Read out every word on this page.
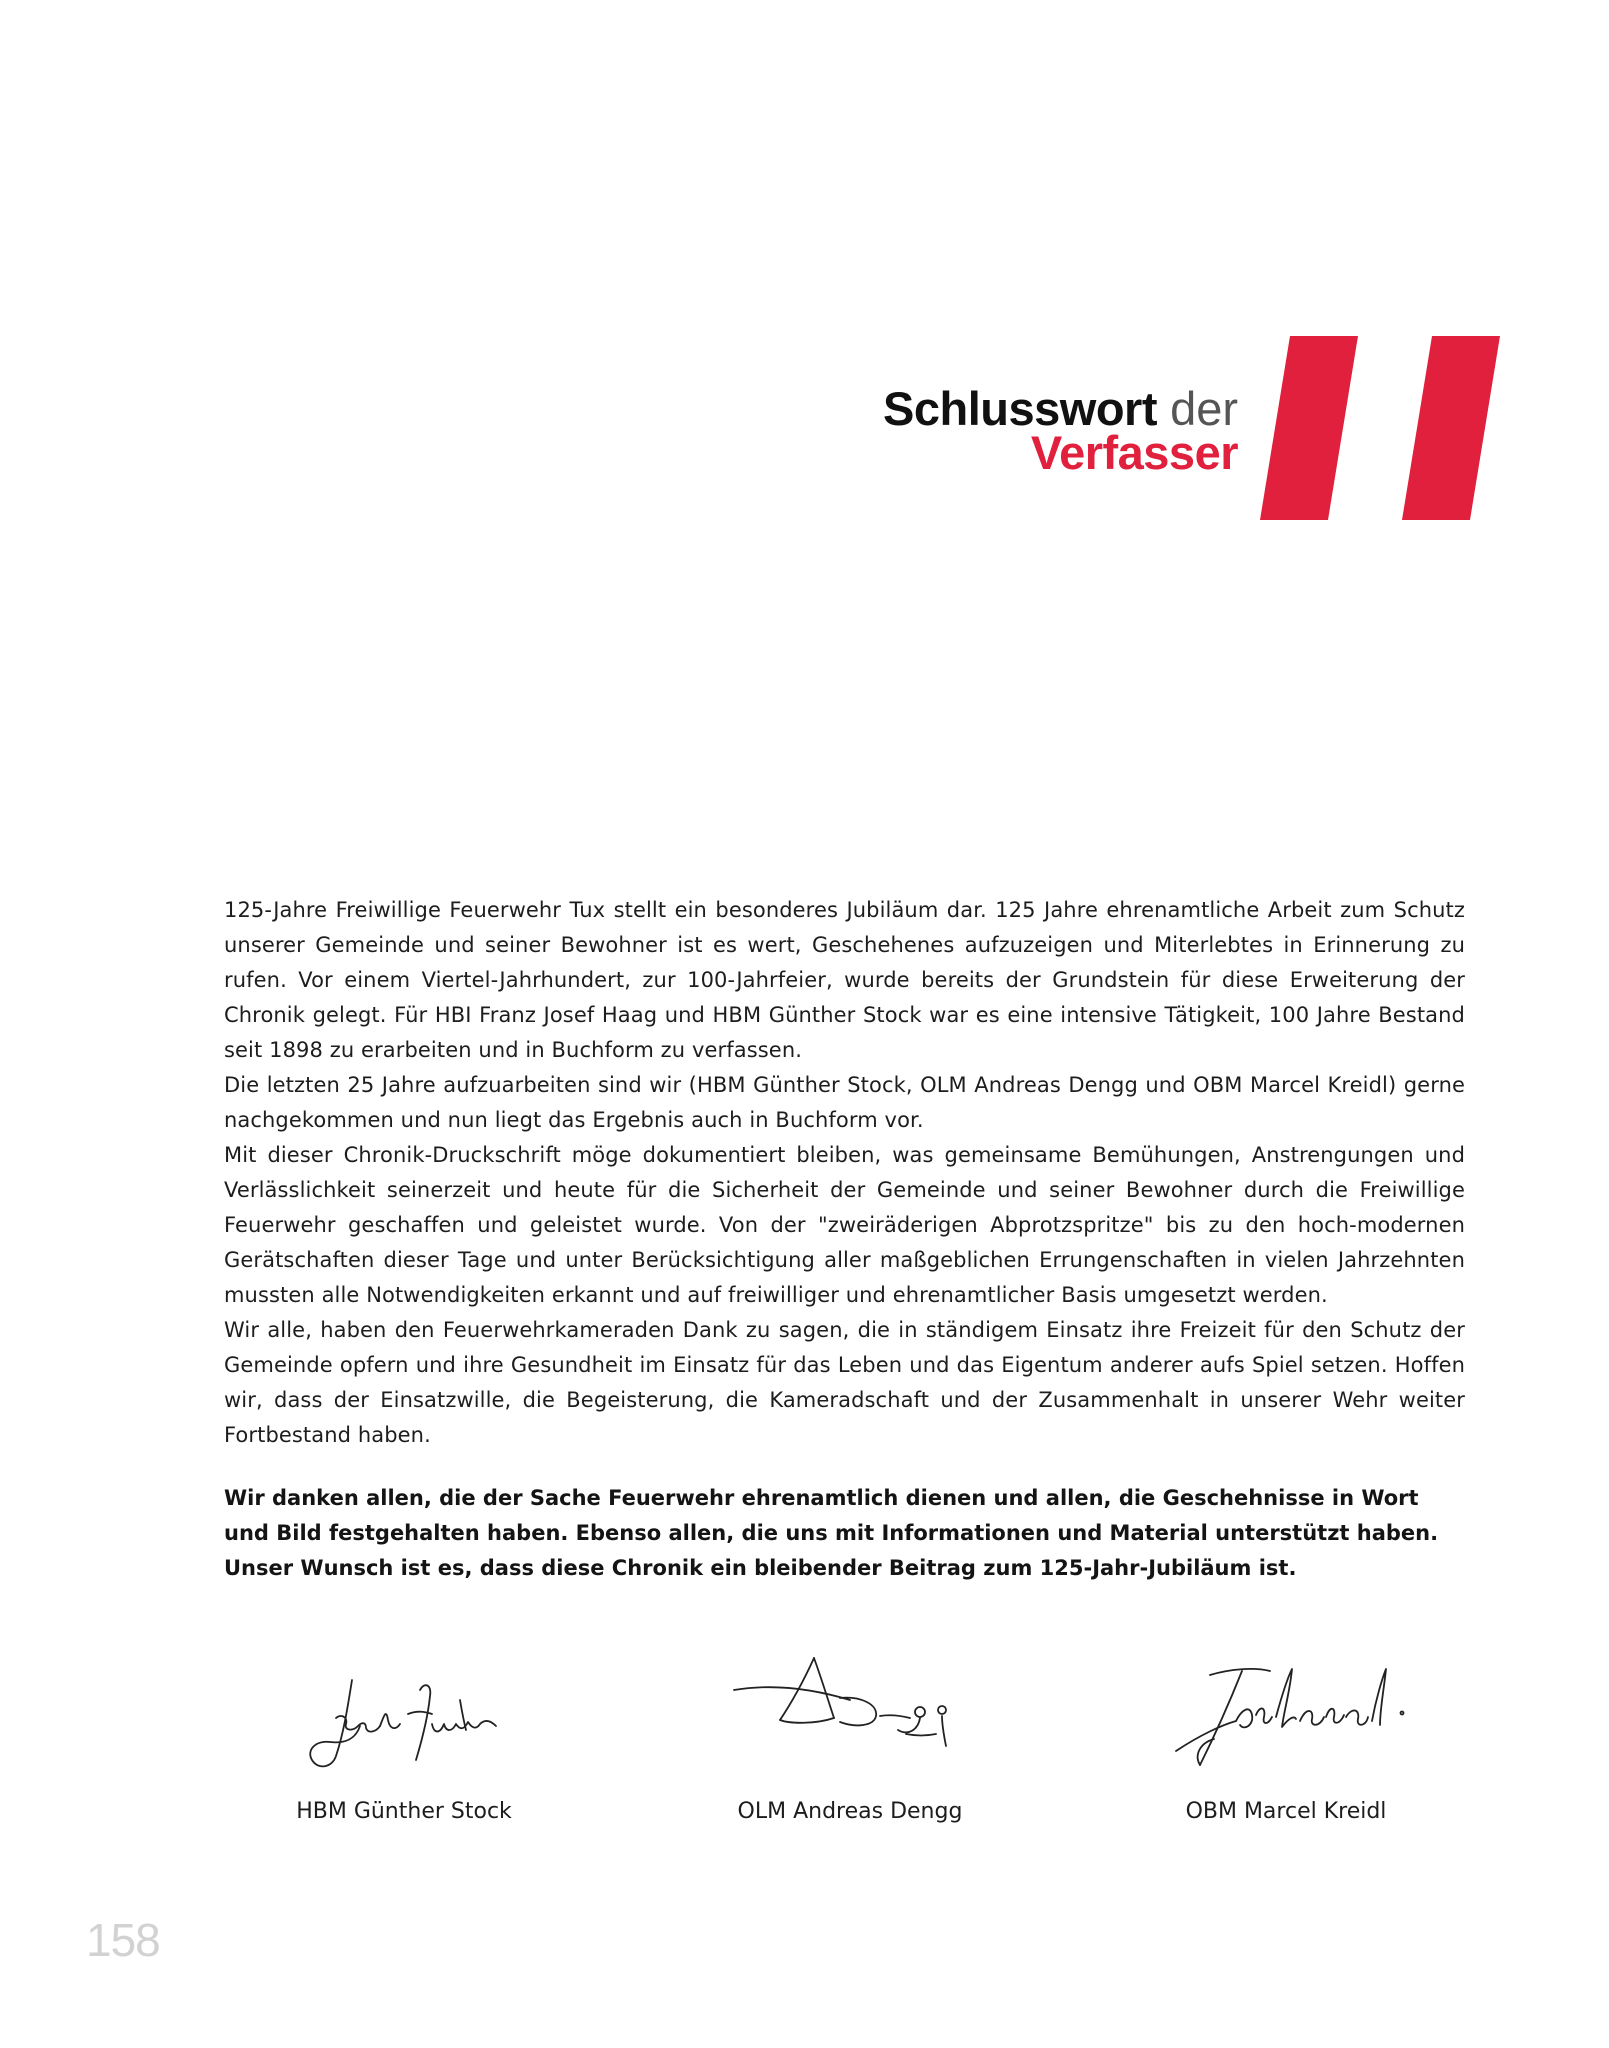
Schlusswort der
Verfasser

125-Jahre Freiwillige Feuerwehr Tux stellt ein besonderes Jubiläum dar. 125 Jahre ehrenamtliche Arbeit zum Schutz unserer Gemeinde und seiner Bewohner ist es wert, Geschehenes aufzuzeigen und Miterlebtes in Erinnerung zu rufen. Vor einem Viertel-Jahrhundert, zur 100-Jahrfeier, wurde bereits der Grundstein für diese Erweiterung der Chronik gelegt. Für HBI Franz Josef Haag und HBM Günther Stock war es eine intensive Tätigkeit, 100 Jahre Bestand seit 1898 zu erarbeiten und in Buchform zu verfassen.

Die letzten 25 Jahre aufzuarbeiten sind wir (HBM Günther Stock, OLM Andreas Dengg und OBM Marcel Kreidl) gerne nachgekommen und nun liegt das Ergebnis auch in Buchform vor.

Mit dieser Chronik-Druckschrift möge dokumentiert bleiben, was gemeinsame Bemühungen, Anstrengungen und Verlässlichkeit seinerzeit und heute für die Sicherheit der Gemeinde und seiner Bewohner durch die Freiwillige Feuerwehr geschaffen und geleistet wurde. Von der "zweiräderigen Abprotzspritze" bis zu den hoch-modernen Gerätschaften dieser Tage und unter Berücksichtigung aller maßgeblichen Errungenschaften in vielen Jahrzehnten mussten alle Notwendigkeiten erkannt und auf freiwilliger und ehrenamtlicher Basis umgesetzt werden.

Wir alle, haben den Feuerwehrkameraden Dank zu sagen, die in ständigem Einsatz ihre Freizeit für den Schutz der Gemeinde opfern und ihre Gesundheit im Einsatz für das Leben und das Eigentum anderer aufs Spiel setzen. Hoffen wir, dass der Einsatzwille, die Begeisterung, die Kameradschaft und der Zusammenhalt in unserer Wehr weiter Fortbestand haben.

Wir danken allen, die der Sache Feuerwehr ehrenamtlich dienen und allen, die Geschehnisse in Wort und Bild festgehalten haben. Ebenso allen, die uns mit Informationen und Material unterstützt haben. Unser Wunsch ist es, dass diese Chronik ein bleibender Beitrag zum 125-Jahr-Jubiläum ist.

HBM Günther Stock	OLM Andreas Dengg	OBM Marcel Kreidl
158
